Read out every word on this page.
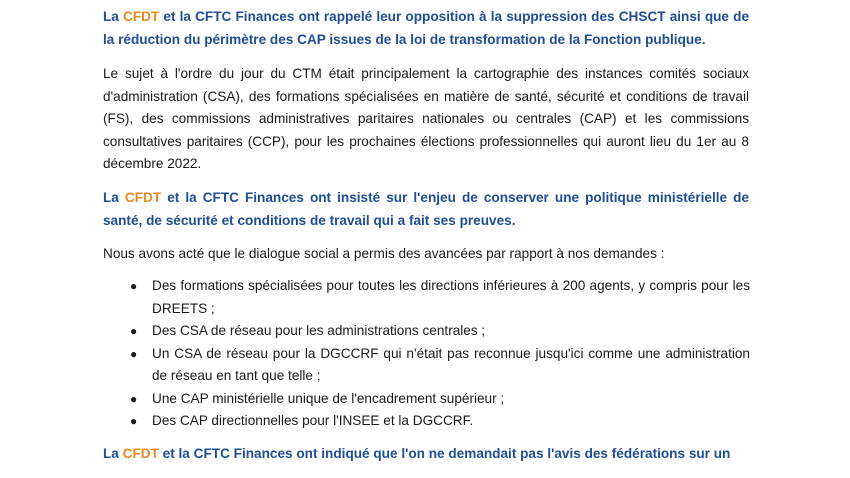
La CFDT et la CFTC Finances ont rappelé leur opposition à la suppression des CHSCT ainsi que de la réduction du périmètre des CAP issues de la loi de transformation de la Fonction publique.

Le sujet à l'ordre du jour du CTM était principalement la cartographie des instances comités sociaux d'administration (CSA), des formations spécialisées en matière de santé, sécurité et conditions de travail (FS), des commissions administratives paritaires nationales ou centrales (CAP) et les commissions consultatives paritaires (CCP), pour les prochaines élections professionnelles qui auront lieu du 1er au 8 décembre 2022.

La CFDT et la CFTC Finances ont insisté sur l'enjeu de conserver une politique ministérielle de santé, de sécurité et conditions de travail qui a fait ses preuves.

Nous avons acté que le dialogue social a permis des avancées par rapport à nos demandes :

● Des formations spécialisées pour toutes les directions inférieures à 200 agents, y compris pour les DREETS ;
● Des CSA de réseau pour les administrations centrales ;
● Un CSA de réseau pour la DGCCRF qui n'était pas reconnue jusqu'ici comme une administration de réseau en tant que telle ;
● Une CAP ministérielle unique de l'encadrement supérieur ;
● Des CAP directionnelles pour l'INSEE et la DGCCRF.

La CFDT et la CFTC Finances ont indiqué que l'on ne demandait pas l'avis des fédérations sur un
